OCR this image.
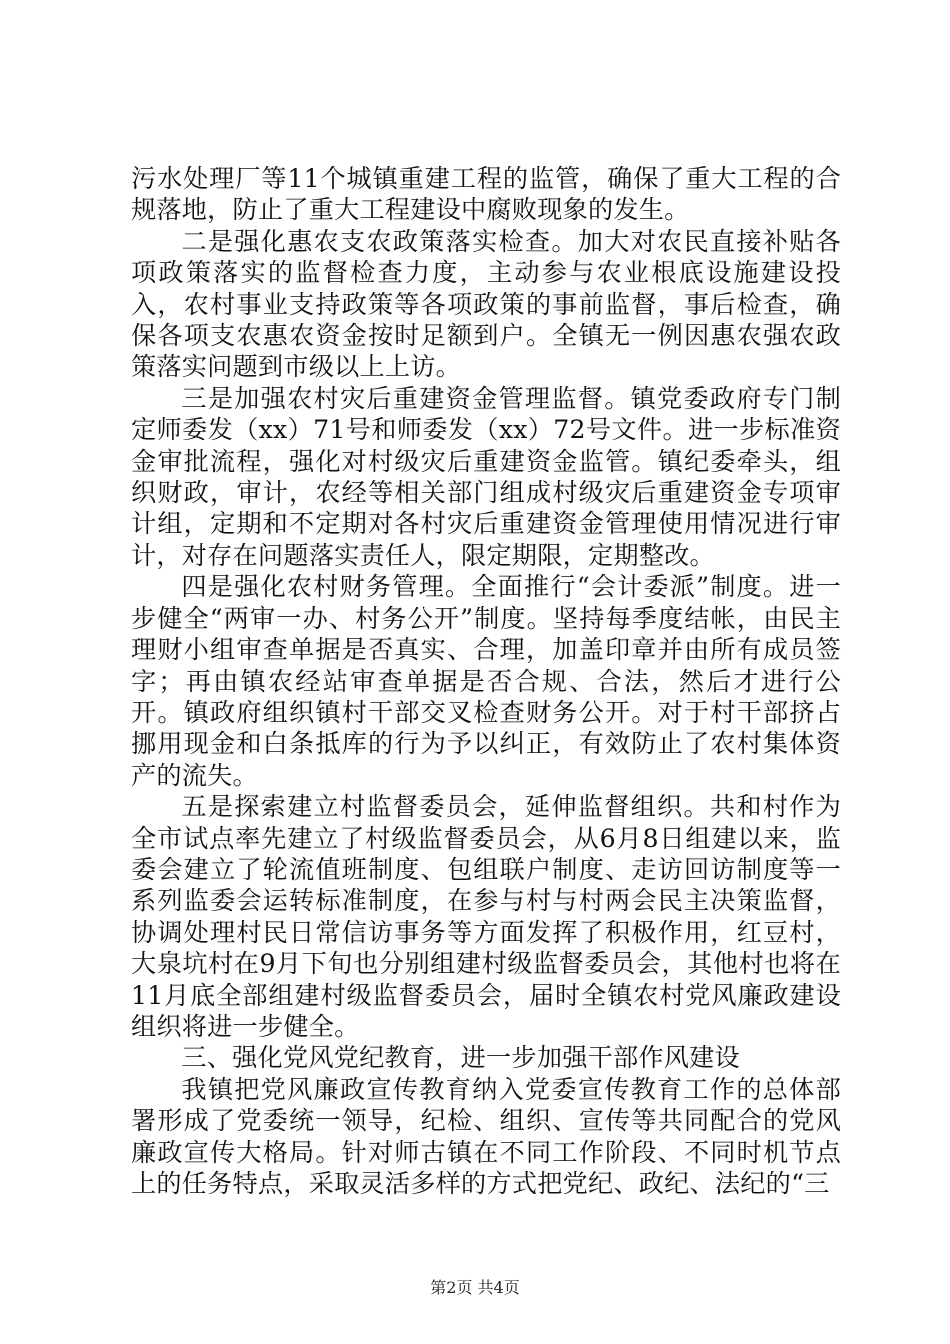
污水处理厂等11个城镇重建工程的监管，确保了重大工程的合规落地，防止了重大工程建设中腐败现象的发生。

二是强化惠农支农政策落实检查。加大对农民直接补贴各项政策落实的监督检查力度，主动参与农业根底设施建设投入，农村事业支持政策等各项政策的事前监督，事后检查，确保各项支农惠农资金按时足额到户。全镇无一例因惠农强农政策落实问题到市级以上上访。

三是加强农村灾后重建资金管理监督。镇党委政府专门制定师委发（xx）71号和师委发（xx）72号文件。进一步标准资金审批流程，强化对村级灾后重建资金监管。镇纪委牵头，组织财政，审计，农经等相关部门组成村级灾后重建资金专项审计组，定期和不定期对各村灾后重建资金管理使用情况进行审计，对存在问题落实责任人，限定期限，定期整改。

四是强化农村财务管理。全面推行“会计委派”制度。进一步健全“两审一办、村务公开”制度。坚持每季度结帐，由民主理财小组审查单据是否真实、合理，加盖印章并由所有成员签字；再由镇农经站审查单据是否合规、合法，然后才进行公开。镇政府组织镇村干部交叉检查财务公开。对于村干部挤占挪用现金和白条抵库的行为予以纠正，有效防止了农村集体资产的流失。

五是探索建立村监督委员会，延伸监督组织。共和村作为全市试点率先建立了村级监督委员会，从6月8日组建以来，监委会建立了轮流值班制度、包组联户制度、走访回访制度等一系列监委会运转标准制度，在参与村与村两会民主决策监督，协调处理村民日常信访事务等方面发挥了积极作用，红豆村，大泉坑村在9月下旬也分别组建村级监督委员会，其他村也将在11月底全部组建村级监督委员会，届时全镇农村党风廉政建设组织将进一步健全。

三、强化党风党纪教育，进一步加强干部作风建设

我镇把党风廉政宣传教育纳入党委宣传教育工作的总体部署形成了党委统一领导，纪检、组织、宣传等共同配合的党风廉政宣传大格局。针对师古镇在不同工作阶段、不同时机节点上的任务特点，采取灵活多样的方式把党纪、政纪、法纪的“三

第2页 共4页
